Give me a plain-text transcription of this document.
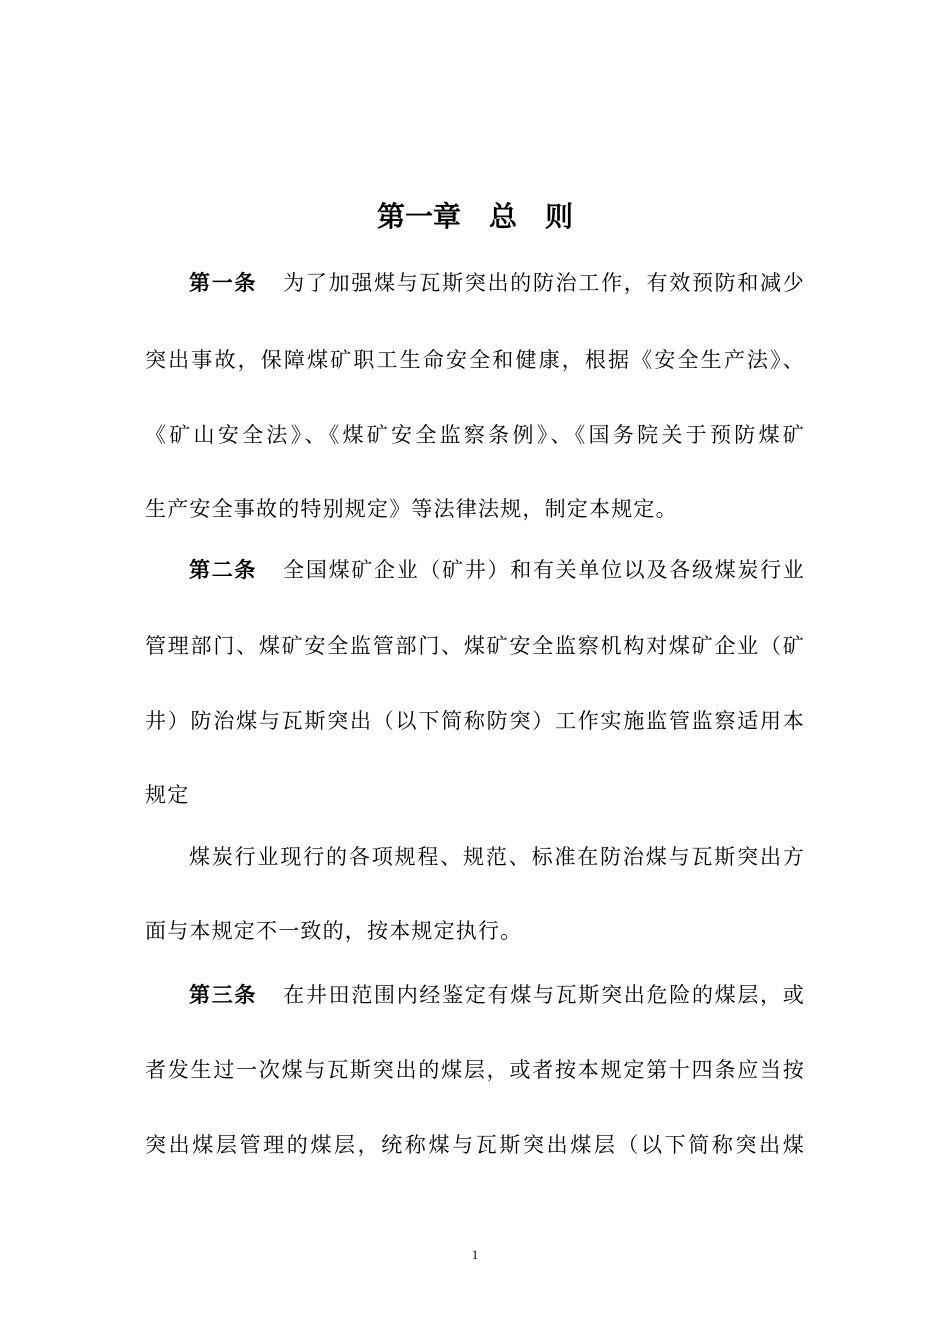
第一章　总　则
第一条 为了加强煤与瓦斯突出的防治工作，有效预防和减少
突出事故，保障煤矿职工生命安全和健康，根据《安全生产法》、
《矿山安全法》、《煤矿安全监察条例》、《国务院关于预防煤矿
生产安全事故的特别规定》等法律法规，制定本规定。
第二条 全国煤矿企业（矿井）和有关单位以及各级煤炭行业
管理部门、煤矿安全监管部门、煤矿安全监察机构对煤矿企业（矿
井）防治煤与瓦斯突出（以下简称防突）工作实施监管监察适用本
规定
煤炭行业现行的各项规程、规范、标准在防治煤与瓦斯突出方
面与本规定不一致的，按本规定执行。
第三条 在井田范围内经鉴定有煤与瓦斯突出危险的煤层，或
者发生过一次煤与瓦斯突出的煤层，或者按本规定第十四条应当按
突出煤层管理的煤层，统称煤与瓦斯突出煤层（以下简称突出煤
1
